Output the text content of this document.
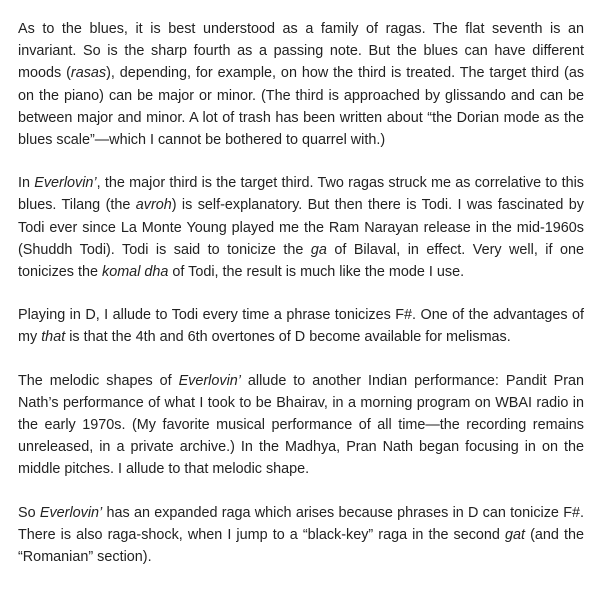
As to the blues, it is best understood as a family of ragas. The flat seventh is an invariant. So is the sharp fourth as a passing note. But the blues can have different moods (rasas), depending, for example, on how the third is treated. The target third (as on the piano) can be major or minor. (The third is approached by glissando and can be between major and minor. A lot of trash has been written about “the Dorian mode as the blues scale”—which I cannot be bothered to quarrel with.)

In Everlovin’, the major third is the target third. Two ragas struck me as correlative to this blues. Tilang (the avroh) is self-explanatory. But then there is Todi. I was fascinated by Todi ever since La Monte Young played me the Ram Narayan release in the mid-1960s (Shuddh Todi). Todi is said to tonicize the ga of Bilaval, in effect. Very well, if one tonicizes the komal dha of Todi, the result is much like the mode I use.

Playing in D, I allude to Todi every time a phrase tonicizes F#. One of the advantages of my that is that the 4th and 6th overtones of D become available for melismas.

The melodic shapes of Everlovin’ allude to another Indian performance: Pandit Pran Nath’s performance of what I took to be Bhairav, in a morning program on WBAI radio in the early 1970s. (My favorite musical performance of all time—the recording remains unreleased, in a private archive.) In the Madhya, Pran Nath began focusing in on the middle pitches. I allude to that melodic shape.

So Everlovin’ has an expanded raga which arises because phrases in D can tonicize F#. There is also raga-shock, when I jump to a “black-key” raga in the second gat (and the “Romanian” section).
